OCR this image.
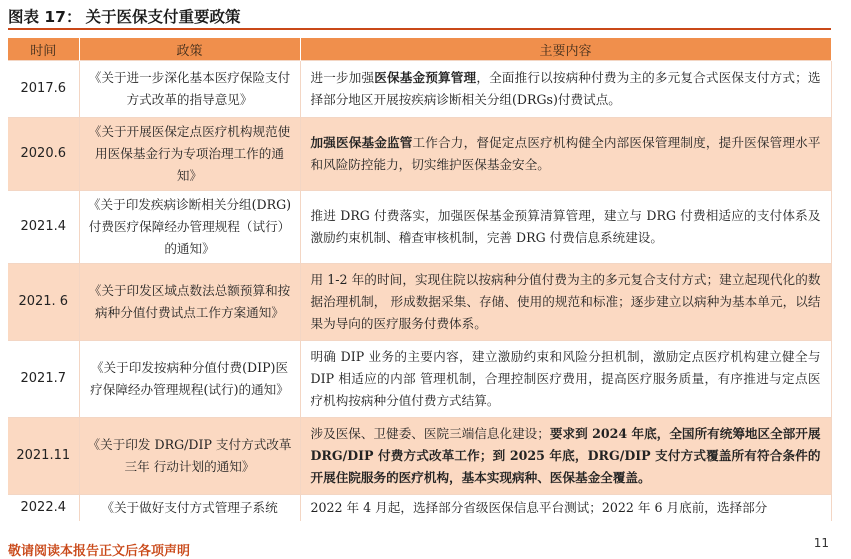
图表 17： 关于医保支付重要政策
时间	政策	主要内容
2017.6	《关于进一步深化基本医疗保险支付方式改革的指导意见》	进一步加强医保基金预算管理，全面推行以按病种付费为主的多元复合式医保支付方式；选择部分地区开展按疾病诊断相关分组(DRGs)付费试点。
2020.6	《关于开展医保定点医疗机构规范使用医保基金行为专项治理工作的通知》	加强医保基金监管工作合力，督促定点医疗机构健全内部医保管理制度，提升医保管理水平和风险防控能力，切实维护医保基金安全。
2021.4	《关于印发疾病诊断相关分组(DRG)付费医疗保障经办管理规程（试行）的通知》	推进 DRG 付费落实，加强医保基金预算清算管理，建立与 DRG 付费相适应的支付体系及激励约束机制、稽查审核机制，完善 DRG 付费信息系统建设。
2021. 6	《关于印发区域点数法总额预算和按病种分值付费试点工作方案通知》	用 1-2 年的时间，实现住院以按病种分值付费为主的多元复合支付方式；建立起现代化的数据治理机制， 形成数据采集、存储、使用的规范和标准；逐步建立以病种为基本单元，以结果为导向的医疗服务付费体系。
2021.7	《关于印发按病种分值付费(DIP)医疗保障经办管理规程(试行)的通知》	明确 DIP 业务的主要内容，建立激励约束和风险分担机制，激励定点医疗机构建立健全与 DIP 相适应的内部 管理机制，合理控制医疗费用，提高医疗服务质量，有序推进与定点医疗机构按病种分值付费方式结算。
2021.11	《关于印发 DRG/DIP 支付方式改革三年 行动计划的通知》	涉及医保、卫健委、医院三端信息化建设；要求到 2024 年底，全国所有统筹地区全部开展 DRG/DIP 付费方式改革工作；到 2025 年底，DRG/DIP 支付方式覆盖所有符合条件的开展住院服务的医疗机构，基本实现病种、医保基金全覆盖。
2022.4	《关于做好支付方式管理子系统	2022 年 4 月起，选择部分省级医保信息平台测试；2022 年 6 月底前，选择部分
敬请阅读本报告正文后各项声明
11
